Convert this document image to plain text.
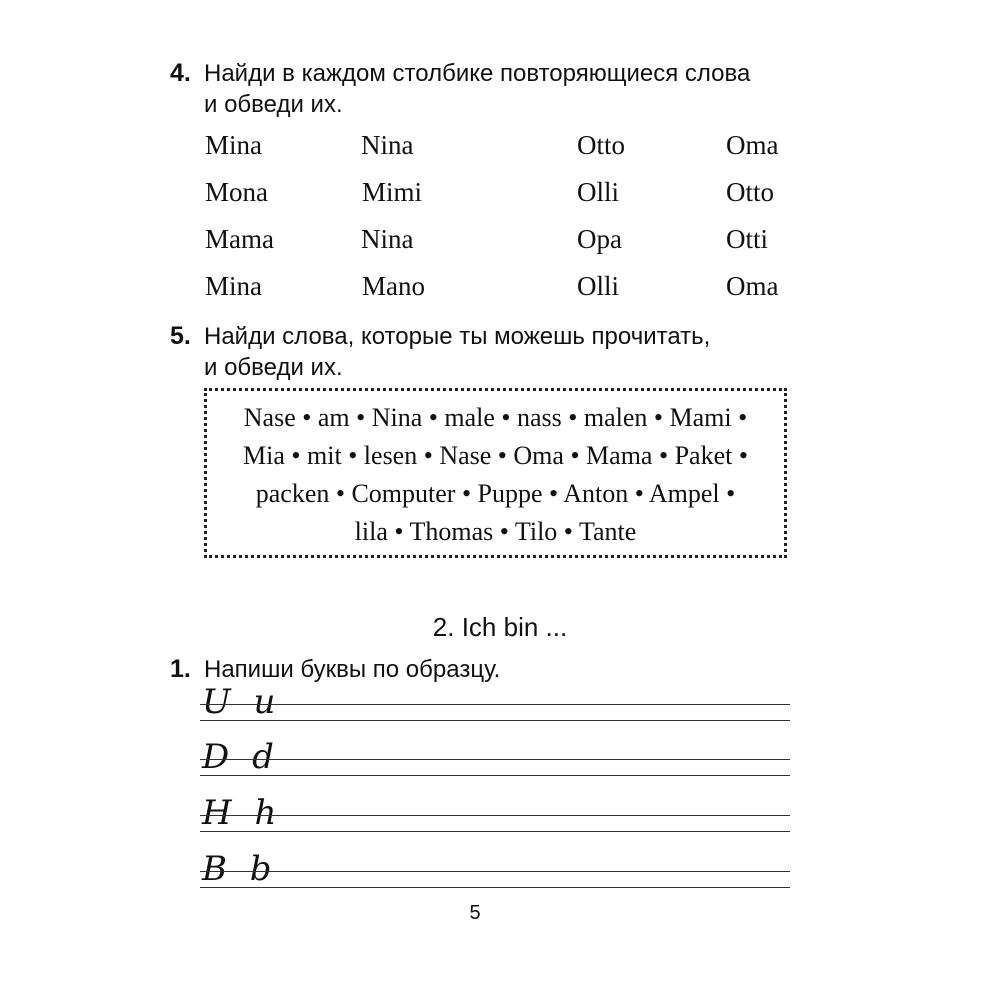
4. Найди в каждом столбике повторяющиеся слова
и обведи их.
Mina
Mona
Mama
Mina
Nina
Mimi
Nina
Mano
Otto
Olli
Opa
Olli
Oma
Otto
Otti
Oma
5. Найди слова, которые ты можешь прочитать,
и обведи их.
Nase • am • Nina • male • nass • malen • Mami •
Mia • mit • lesen • Nase • Oma • Mama • Paket •
packen • Computer • Puppe • Anton • Ampel •
lila • Thomas • Tilo • Tante
2. Ich bin ...
1. Напиши буквы по образцу.
U u
D d
H h
B b
5
